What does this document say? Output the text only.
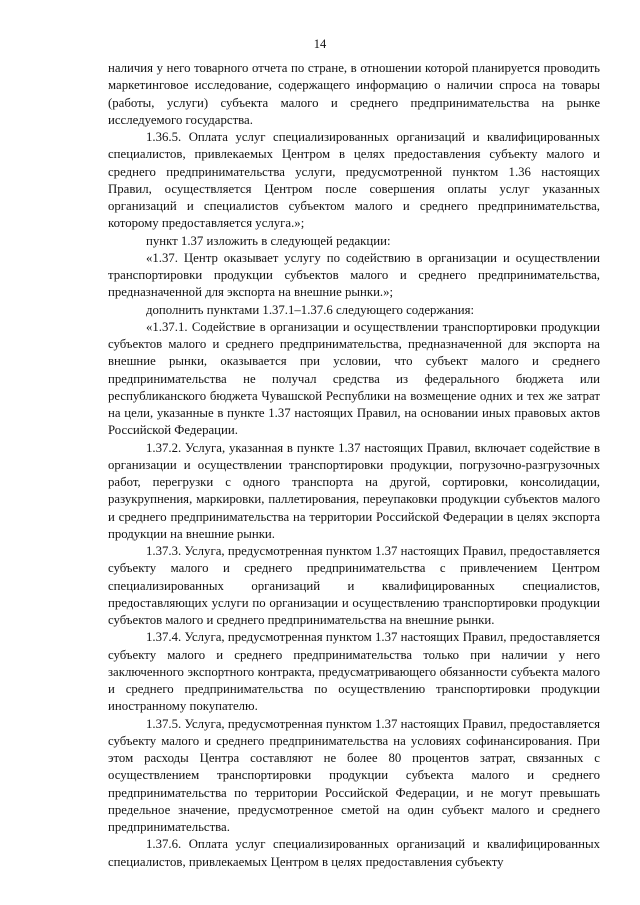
14

наличия у него товарного отчета по стране, в отношении которой планируется проводить маркетинговое исследование, содержащего информацию о наличии спроса на товары (работы, услуги) субъекта малого и среднего предпринимательства на рынке исследуемого государства.

1.36.5. Оплата услуг специализированных организаций и квалифицированных специалистов, привлекаемых Центром в целях предоставления субъекту малого и среднего предпринимательства услуги, предусмотренной пунктом 1.36 настоящих Правил, осуществляется Центром после совершения оплаты услуг указанных организаций и специалистов субъектом малого и среднего предпринимательства, которому предоставляется услуга.»;

пункт 1.37 изложить в следующей редакции:

«1.37. Центр оказывает услугу по содействию в организации и осуществлении транспортировки продукции субъектов малого и среднего предпринимательства, предназначенной для экспорта на внешние рынки.»;

дополнить пунктами 1.37.1–1.37.6 следующего содержания:

«1.37.1. Содействие в организации и осуществлении транспортировки продукции субъектов малого и среднего предпринимательства, предназначенной для экспорта на внешние рынки, оказывается при условии, что субъект малого и среднего предпринимательства не получал средства из федерального бюджета или республиканского бюджета Чувашской Республики на возмещение одних и тех же затрат на цели, указанные в пункте 1.37 настоящих Правил, на основании иных правовых актов Российской Федерации.

1.37.2. Услуга, указанная в пункте 1.37 настоящих Правил, включает содействие в организации и осуществлении транспортировки продукции, погрузочно-разгрузочных работ, перегрузки с одного транспорта на другой, сортировки, консолидации, разукрупнения, маркировки, паллетирования, переупаковки продукции субъектов малого и среднего предпринимательства на территории Российской Федерации в целях экспорта продукции на внешние рынки.

1.37.3. Услуга, предусмотренная пунктом 1.37 настоящих Правил, предоставляется субъекту малого и среднего предпринимательства с привлечением Центром специализированных организаций и квалифицированных специалистов, предоставляющих услуги по организации и осуществлению транспортировки продукции субъектов малого и среднего предпринимательства на внешние рынки.

1.37.4. Услуга, предусмотренная пунктом 1.37 настоящих Правил, предоставляется субъекту малого и среднего предпринимательства только при наличии у него заключенного экспортного контракта, предусматривающего обязанности субъекта малого и среднего предпринимательства по осуществлению транспортировки продукции иностранному покупателю.

1.37.5. Услуга, предусмотренная пунктом 1.37 настоящих Правил, предоставляется субъекту малого и среднего предпринимательства на условиях софинансирования. При этом расходы Центра составляют не более 80 процентов затрат, связанных с осуществлением транспортировки продукции субъекта малого и среднего предпринимательства по территории Российской Федерации, и не могут превышать предельное значение, предусмотренное сметой на один субъект малого и среднего предпринимательства.

1.37.6. Оплата услуг специализированных организаций и квалифицированных специалистов, привлекаемых Центром в целях предоставления субъекту
